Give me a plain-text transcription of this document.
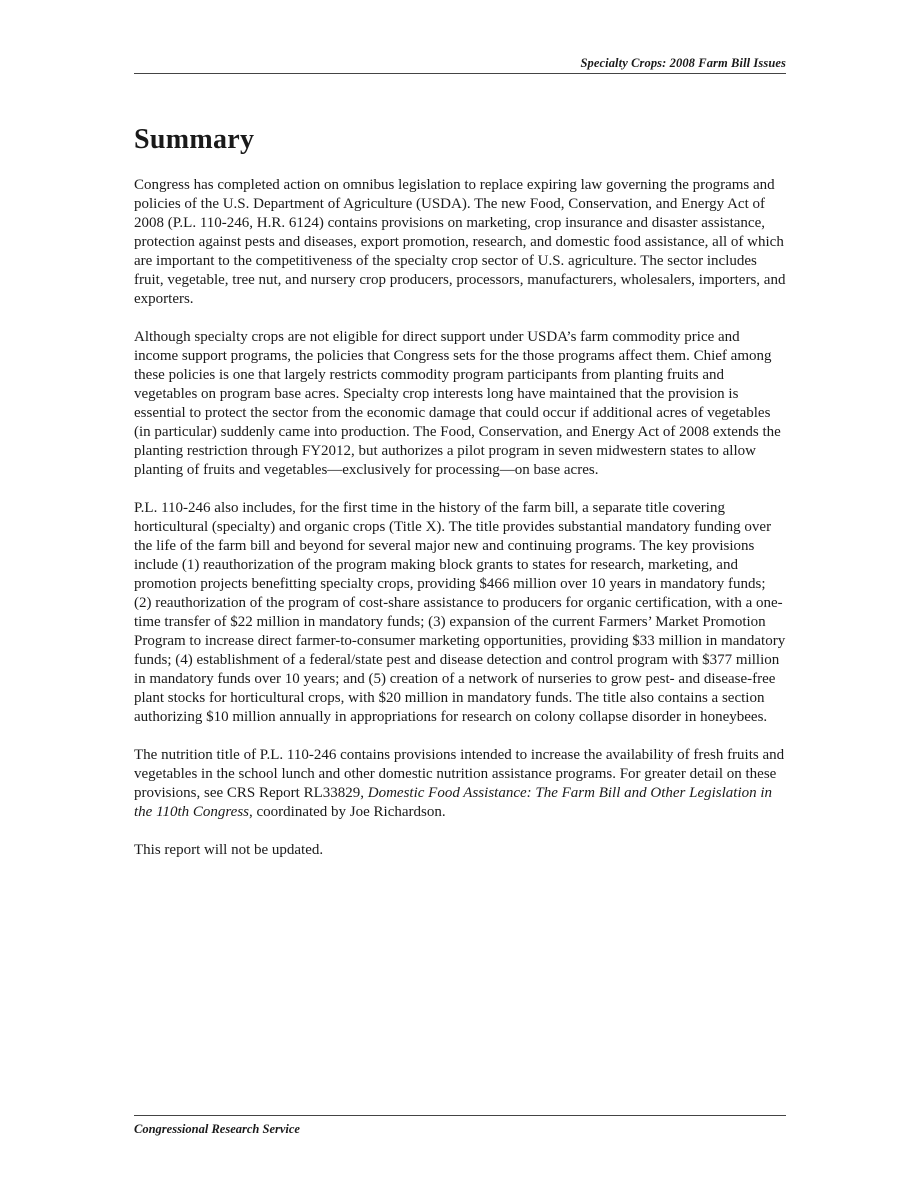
Specialty Crops: 2008 Farm Bill Issues
Summary

Congress has completed action on omnibus legislation to replace expiring law governing the programs and policies of the U.S. Department of Agriculture (USDA). The new Food, Conservation, and Energy Act of 2008 (P.L. 110-246, H.R. 6124) contains provisions on marketing, crop insurance and disaster assistance, protection against pests and diseases, export promotion, research, and domestic food assistance, all of which are important to the competitiveness of the specialty crop sector of U.S. agriculture. The sector includes fruit, vegetable, tree nut, and nursery crop producers, processors, manufacturers, wholesalers, importers, and exporters.

Although specialty crops are not eligible for direct support under USDA’s farm commodity price and income support programs, the policies that Congress sets for the those programs affect them. Chief among these policies is one that largely restricts commodity program participants from planting fruits and vegetables on program base acres. Specialty crop interests long have maintained that the provision is essential to protect the sector from the economic damage that could occur if additional acres of vegetables (in particular) suddenly came into production. The Food, Conservation, and Energy Act of 2008 extends the planting restriction through FY2012, but authorizes a pilot program in seven midwestern states to allow planting of fruits and vegetables—exclusively for processing—on base acres.

P.L. 110-246 also includes, for the first time in the history of the farm bill, a separate title covering horticultural (specialty) and organic crops (Title X). The title provides substantial mandatory funding over the life of the farm bill and beyond for several major new and continuing programs. The key provisions include (1) reauthorization of the program making block grants to states for research, marketing, and promotion projects benefitting specialty crops, providing $466 million over 10 years in mandatory funds; (2) reauthorization of the program of cost-share assistance to producers for organic certification, with a one-time transfer of $22 million in mandatory funds; (3) expansion of the current Farmers’ Market Promotion Program to increase direct farmer-to-consumer marketing opportunities, providing $33 million in mandatory funds; (4) establishment of a federal/state pest and disease detection and control program with $377 million in mandatory funds over 10 years; and (5) creation of a network of nurseries to grow pest- and disease-free plant stocks for horticultural crops, with $20 million in mandatory funds. The title also contains a section authorizing $10 million annually in appropriations for research on colony collapse disorder in honeybees.

The nutrition title of P.L. 110-246 contains provisions intended to increase the availability of fresh fruits and vegetables in the school lunch and other domestic nutrition assistance programs. For greater detail on these provisions, see CRS Report RL33829, Domestic Food Assistance: The Farm Bill and Other Legislation in the 110th Congress, coordinated by Joe Richardson.

This report will not be updated.

Congressional Research Service
